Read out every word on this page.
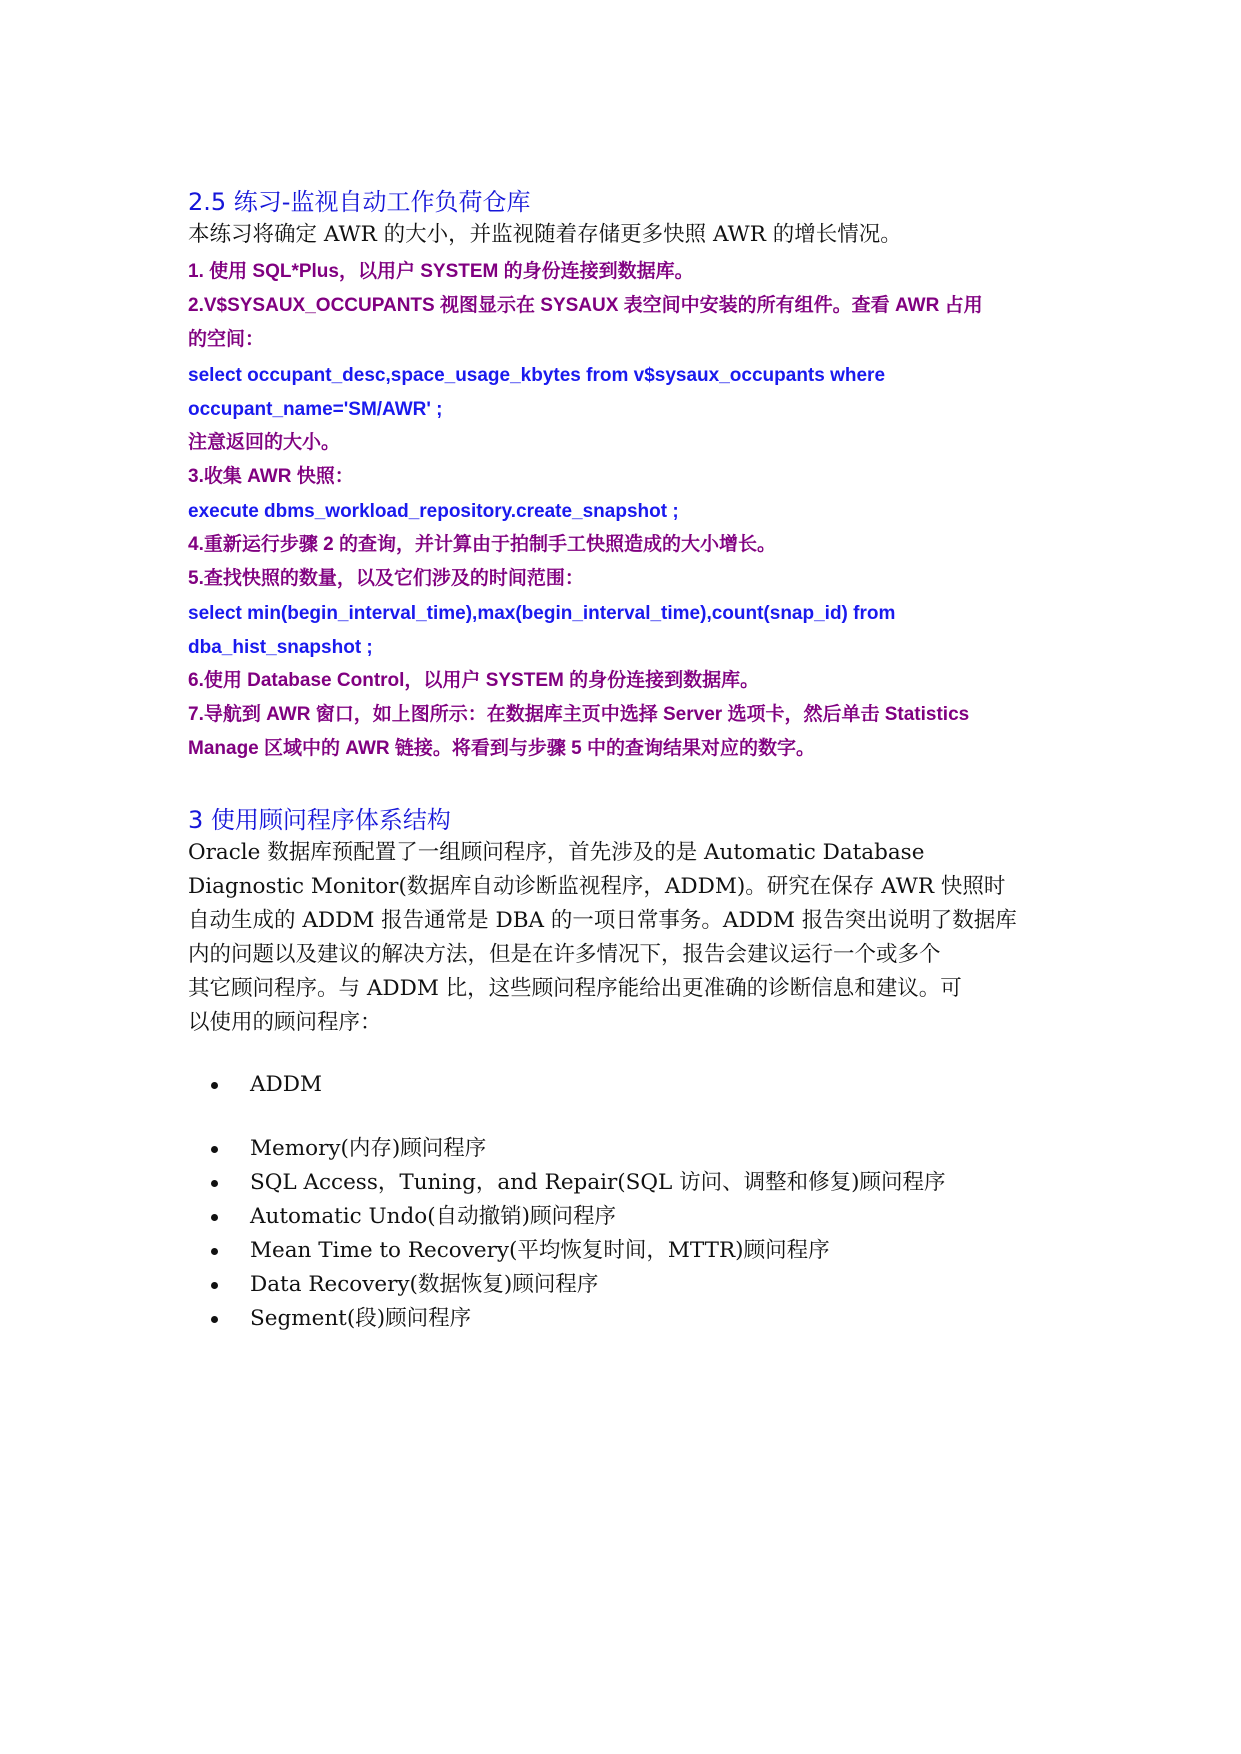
2.5 练习-监视自动工作负荷仓库
本练习将确定 AWR 的大小，并监视随着存储更多快照 AWR 的增长情况。
1. 使用 SQL*Plus，以用户 SYSTEM 的身份连接到数据库。
2.V$SYSAUX_OCCUPANTS 视图显示在 SYSAUX 表空间中安装的所有组件。查看 AWR 占用
的空间：
select occupant_desc,space_usage_kbytes from v$sysaux_occupants where
occupant_name='SM/AWR' ;
注意返回的大小。
3.收集 AWR 快照：
execute dbms_workload_repository.create_snapshot ;
4.重新运行步骤 2 的查询，并计算由于拍制手工快照造成的大小增长。
5.查找快照的数量，以及它们涉及的时间范围：
select min(begin_interval_time),max(begin_interval_time),count(snap_id) from
dba_hist_snapshot ;
6.使用 Database Control，以用户 SYSTEM 的身份连接到数据库。
7.导航到 AWR 窗口，如上图所示：在数据库主页中选择 Server 选项卡，然后单击 Statistics
Manage 区域中的 AWR 链接。将看到与步骤 5 中的查询结果对应的数字。
3 使用顾问程序体系结构
Oracle 数据库预配置了一组顾问程序，首先涉及的是 Automatic Database
Diagnostic Monitor(数据库自动诊断监视程序，ADDM)。研究在保存 AWR 快照时
自动生成的 ADDM 报告通常是 DBA 的一项日常事务。ADDM 报告突出说明了数据库
内的问题以及建议的解决方法，但是在许多情况下，报告会建议运行一个或多个
其它顾问程序。与 ADDM 比，这些顾问程序能给出更准确的诊断信息和建议。可
以使用的顾问程序：
ADDM
Memory(内存)顾问程序
SQL Access，Tuning，and Repair(SQL 访问、调整和修复)顾问程序
Automatic Undo(自动撤销)顾问程序
Mean Time to Recovery(平均恢复时间，MTTR)顾问程序
Data Recovery(数据恢复)顾问程序
Segment(段)顾问程序
